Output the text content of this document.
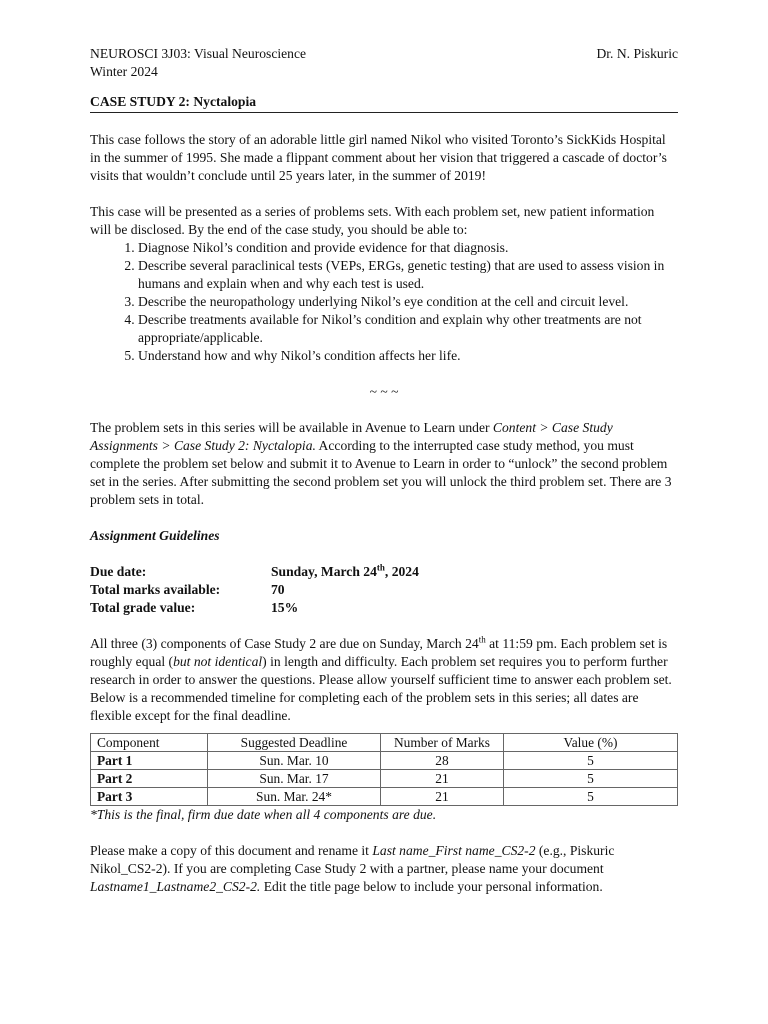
NEUROSCI 3J03: Visual Neuroscience
Winter 2024
Dr. N. Piskuric
CASE STUDY 2: Nyctalopia

This case follows the story of an adorable little girl named Nikol who visited Toronto’s SickKids Hospital in the summer of 1995. She made a flippant comment about her vision that triggered a cascade of doctor’s visits that wouldn’t conclude until 25 years later, in the summer of 2019!

This case will be presented as a series of problems sets. With each problem set, new patient information will be disclosed. By the end of the case study, you should be able to:

1. Diagnose Nikol’s condition and provide evidence for that diagnosis.
2. Describe several paraclinical tests (VEPs, ERGs, genetic testing) that are used to assess vision in humans and explain when and why each test is used.
3. Describe the neuropathology underlying Nikol’s eye condition at the cell and circuit level.
4. Describe treatments available for Nikol’s condition and explain why other treatments are not appropriate/applicable.
5. Understand how and why Nikol’s condition affects her life.

~ ~ ~

The problem sets in this series will be available in Avenue to Learn under Content > Case Study Assignments > Case Study 2: Nyctalopia. According to the interrupted case study method, you must complete the problem set below and submit it to Avenue to Learn in order to “unlock” the second problem set in the series. After submitting the second problem set you will unlock the third problem set. There are 3 problem sets in total.

Assignment Guidelines

Due date:	Sunday, March 24th, 2024
Total marks available:	70
Total grade value:	15%

All three (3) components of Case Study 2 are due on Sunday, March 24th at 11:59 pm. Each problem set is roughly equal (but not identical) in length and difficulty. Each problem set requires you to perform further research in order to answer the questions. Please allow yourself sufficient time to answer each problem set. Below is a recommended timeline for completing each of the problem sets in this series; all dates are flexible except for the final deadline.

Component	Suggested Deadline	Number of Marks	Value (%)
Part 1	Sun. Mar. 10	28	5
Part 2	Sun. Mar. 17	21	5
Part 3	Sun. Mar. 24*	21	5

*This is the final, firm due date when all 4 components are due.

Please make a copy of this document and rename it Last name_First name_CS2-2 (e.g., Piskuric Nikol_CS2-2). If you are completing Case Study 2 with a partner, please name your document Lastname1_Lastname2_CS2-2. Edit the title page below to include your personal information.
